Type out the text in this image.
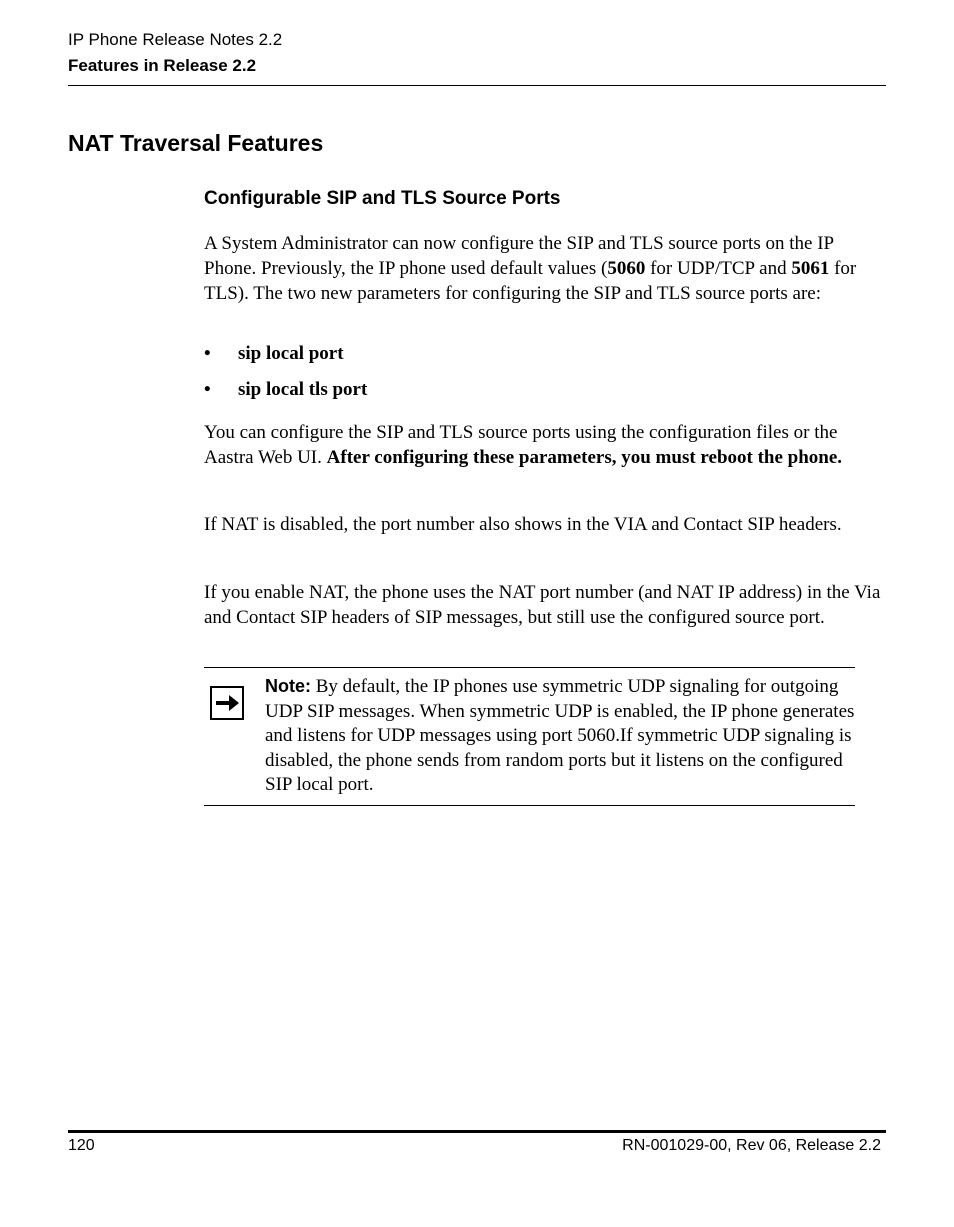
IP Phone Release Notes 2.2
Features in Release 2.2
NAT Traversal Features
Configurable SIP and TLS Source Ports
A System Administrator can now configure the SIP and TLS source ports on the IP Phone. Previously, the IP phone used default values (5060 for UDP/TCP and 5061 for TLS). The two new parameters for configuring the SIP and TLS source ports are:
• sip local port
• sip local tls port
You can configure the SIP and TLS source ports using the configuration files or the Aastra Web UI. After configuring these parameters, you must reboot the phone.
If NAT is disabled, the port number also shows in the VIA and Contact SIP headers.
If you enable NAT, the phone uses the NAT port number (and NAT IP address) in the Via and Contact SIP headers of SIP messages, but still use the configured source port.
Note: By default, the IP phones use symmetric UDP signaling for outgoing UDP SIP messages. When symmetric UDP is enabled, the IP phone generates and listens for UDP messages using port 5060.If symmetric UDP signaling is disabled, the phone sends from random ports but it listens on the configured SIP local port.
120	RN-001029-00, Rev 06, Release 2.2
